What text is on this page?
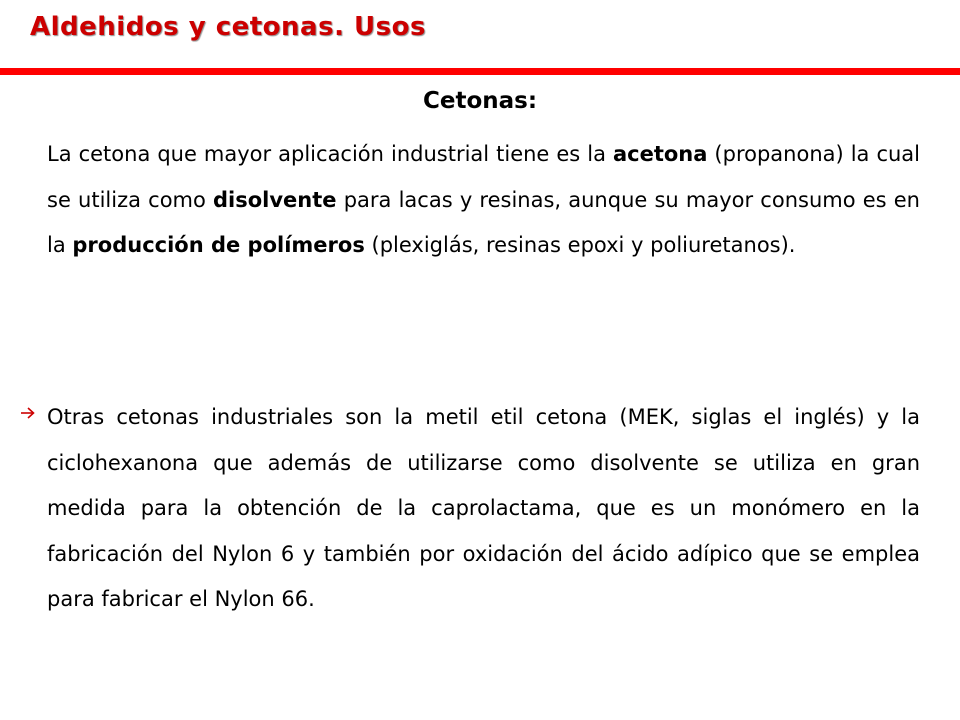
Aldehidos y cetonas. Usos
Cetonas:

La cetona que mayor aplicación industrial tiene es la acetona (propanona) la cual se utiliza como disolvente para lacas y resinas, aunque su mayor consumo es en la producción de polímeros (plexiglás, resinas epoxi y poliuretanos).

Otras cetonas industriales son la metil etil cetona (MEK, siglas el inglés) y la ciclohexanona que además de utilizarse como disolvente se utiliza en gran medida para la obtención de la caprolactama, que es un monómero en la fabricación del Nylon 6 y también por oxidación del ácido adípico que se emplea para fabricar el Nylon 66.
